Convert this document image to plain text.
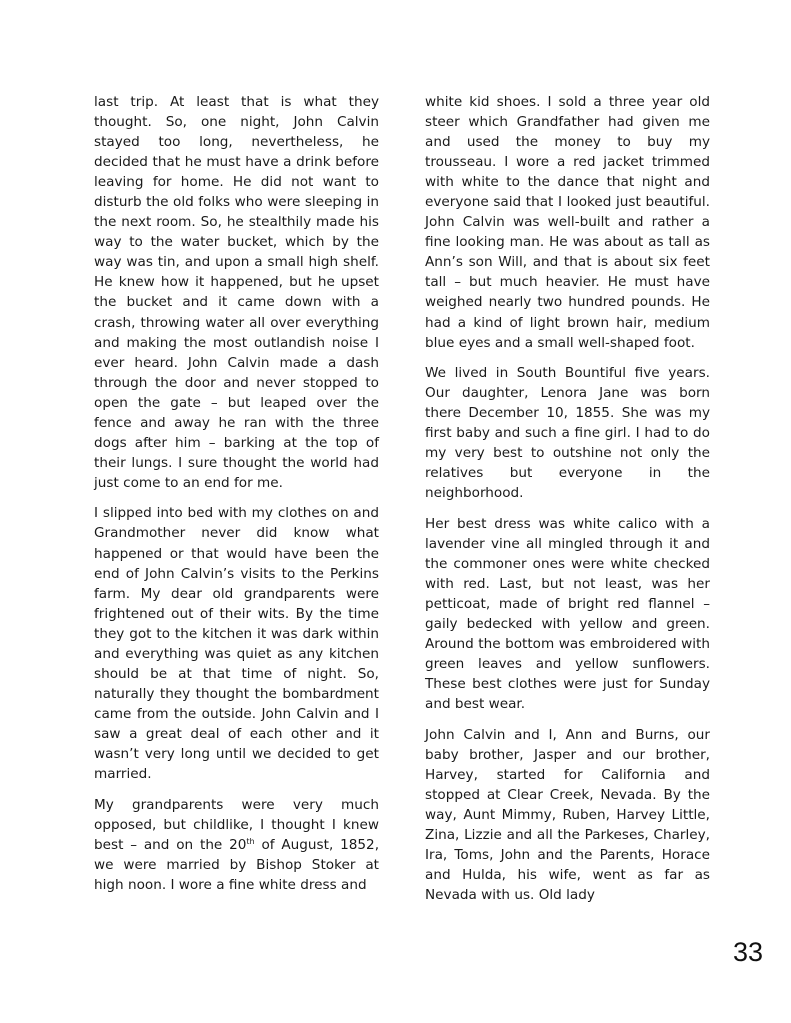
last trip. At least that is what they thought. So, one night, John Calvin stayed too long, nevertheless, he decided that he must have a drink before leaving for home. He did not want to disturb the old folks who were sleeping in the next room. So, he stealthily made his way to the water bucket, which by the way was tin, and upon a small high shelf. He knew how it happened, but he upset the bucket and it came down with a crash, throwing water all over everything and making the most outlandish noise I ever heard. John Calvin made a dash through the door and never stopped to open the gate – but leaped over the fence and away he ran with the three dogs after him – barking at the top of their lungs. I sure thought the world had just come to an end for me.

I slipped into bed with my clothes on and Grandmother never did know what happened or that would have been the end of John Calvin’s visits to the Perkins farm. My dear old grandparents were frightened out of their wits. By the time they got to the kitchen it was dark within and everything was quiet as any kitchen should be at that time of night. So, naturally they thought the bombardment came from the outside. John Calvin and I saw a great deal of each other and it wasn’t very long until we decided to get married.

My grandparents were very much opposed, but childlike, I thought I knew best – and on the 20th of August, 1852, we were married by Bishop Stoker at high noon. I wore a fine white dress and

white kid shoes. I sold a three year old steer which Grandfather had given me and used the money to buy my trousseau. I wore a red jacket trimmed with white to the dance that night and everyone said that I looked just beautiful. John Calvin was well-built and rather a fine looking man. He was about as tall as Ann’s son Will, and that is about six feet tall – but much heavier. He must have weighed nearly two hundred pounds. He had a kind of light brown hair, medium blue eyes and a small well-shaped foot.

We lived in South Bountiful five years. Our daughter, Lenora Jane was born there December 10, 1855. She was my first baby and such a fine girl. I had to do my very best to outshine not only the relatives but everyone in the neighborhood.

Her best dress was white calico with a lavender vine all mingled through it and the commoner ones were white checked with red. Last, but not least, was her petticoat, made of bright red flannel – gaily bedecked with yellow and green. Around the bottom was embroidered with green leaves and yellow sunflowers. These best clothes were just for Sunday and best wear.

John Calvin and I, Ann and Burns, our baby brother, Jasper and our brother, Harvey, started for California and stopped at Clear Creek, Nevada. By the way, Aunt Mimmy, Ruben, Harvey Little, Zina, Lizzie and all the Parkeses, Charley, Ira, Toms, John and the Parents, Horace and Hulda, his wife, went as far as Nevada with us. Old lady

33
